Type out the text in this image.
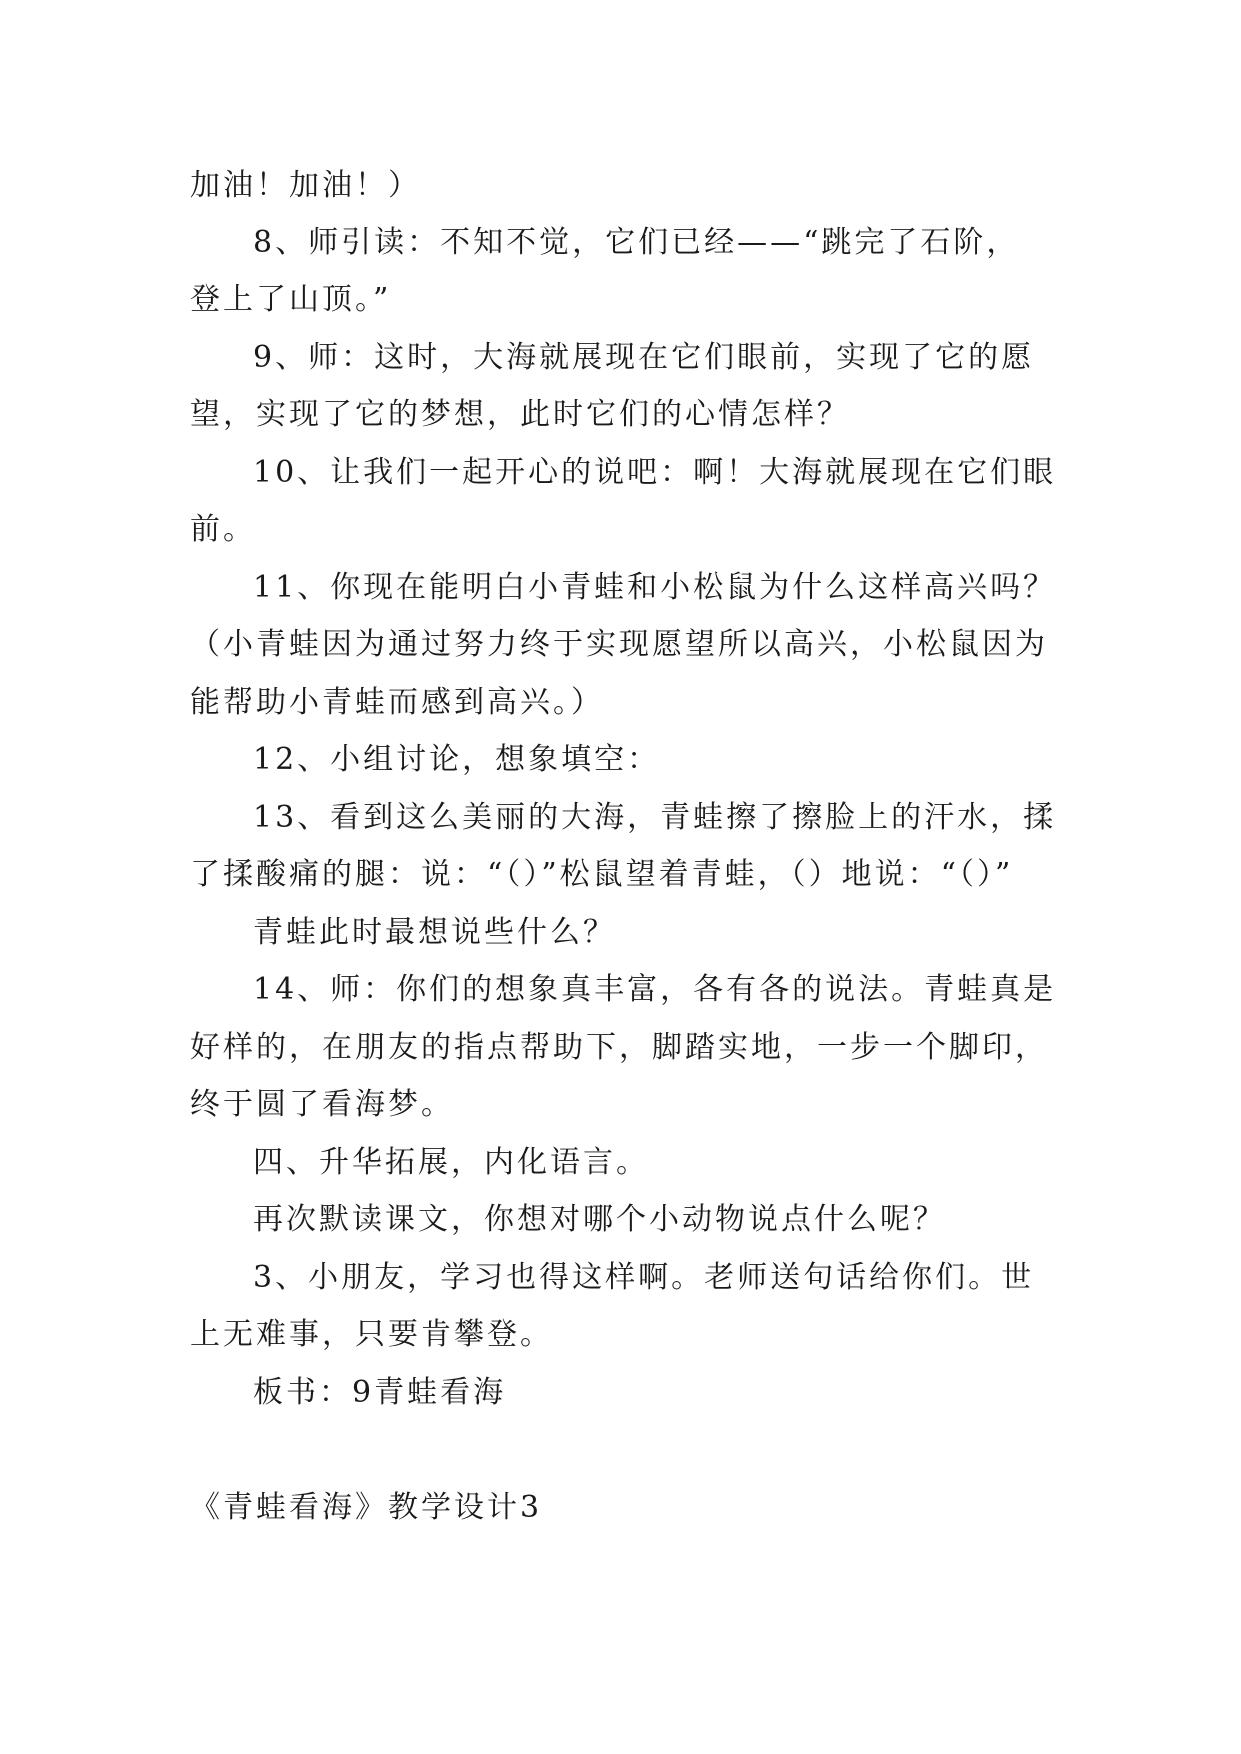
加油！加油！）
8、师引读：不知不觉，它们已经——“跳完了石阶，
登上了山顶。”
9、师：这时，大海就展现在它们眼前，实现了它的愿
望，实现了它的梦想，此时它们的心情怎样？
10、让我们一起开心的说吧：啊！大海就展现在它们眼
前。
11、你现在能明白小青蛙和小松鼠为什么这样高兴吗？
（小青蛙因为通过努力终于实现愿望所以高兴，小松鼠因为
能帮助小青蛙而感到高兴。）
12、小组讨论，想象填空：
13、看到这么美丽的大海，青蛙擦了擦脸上的汗水，揉
了揉酸痛的腿：说：“（）”松鼠望着青蛙，（）地说：“（）”
青蛙此时最想说些什么？
14、师：你们的想象真丰富，各有各的说法。青蛙真是
好样的，在朋友的指点帮助下，脚踏实地，一步一个脚印，
终于圆了看海梦。
四、升华拓展，内化语言。
再次默读课文，你想对哪个小动物说点什么呢？
3、小朋友，学习也得这样啊。老师送句话给你们。世
上无难事，只要肯攀登。
板书：9青蛙看海
《青蛙看海》教学设计3
